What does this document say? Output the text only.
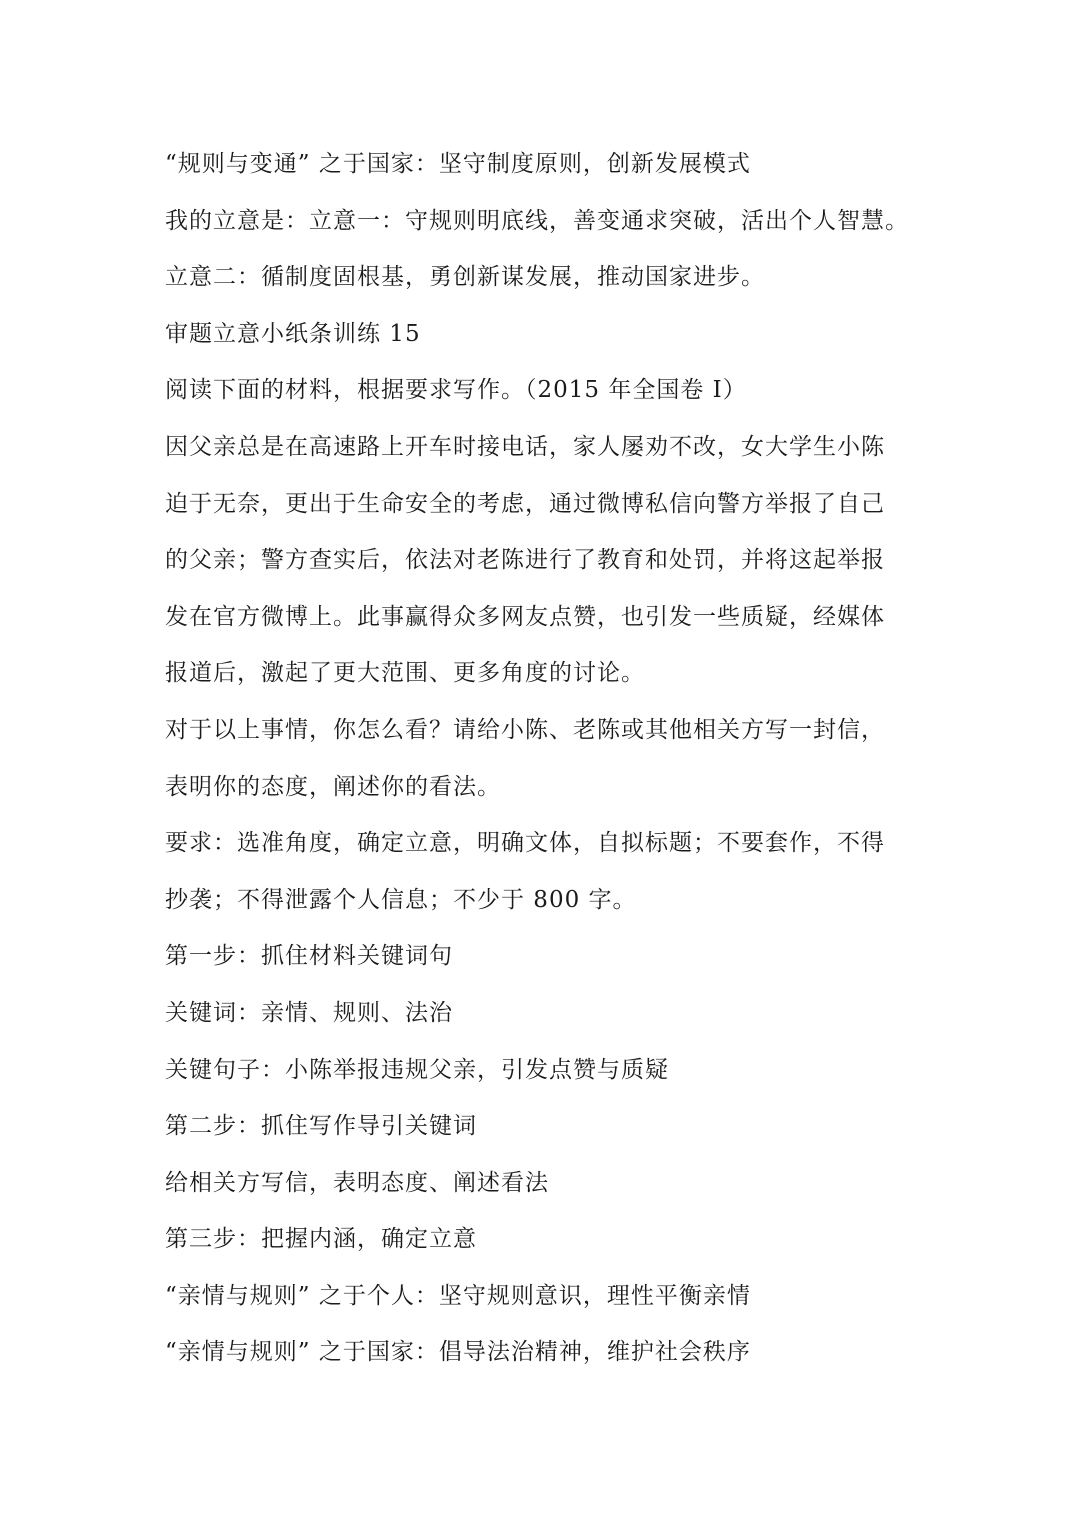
“规则与变通” 之于国家：坚守制度原则，创新发展模式
我的立意是：立意一：守规则明底线，善变通求突破，活出个人智慧。
立意二：循制度固根基，勇创新谋发展，推动国家进步。
审题立意小纸条训练 15
阅读下面的材料，根据要求写作。（2015 年全国卷 Ⅰ）
因父亲总是在高速路上开车时接电话，家人屡劝不改，女大学生小陈
迫于无奈，更出于生命安全的考虑，通过微博私信向警方举报了自己
的父亲；警方查实后，依法对老陈进行了教育和处罚，并将这起举报
发在官方微博上。此事赢得众多网友点赞，也引发一些质疑，经媒体
报道后，激起了更大范围、更多角度的讨论。
对于以上事情，你怎么看？请给小陈、老陈或其他相关方写一封信，
表明你的态度，阐述你的看法。
要求：选准角度，确定立意，明确文体，自拟标题；不要套作，不得
抄袭；不得泄露个人信息；不少于 800 字。
第一步：抓住材料关键词句
关键词：亲情、规则、法治
关键句子：小陈举报违规父亲，引发点赞与质疑
第二步：抓住写作导引关键词
给相关方写信，表明态度、阐述看法
第三步：把握内涵，确定立意
“亲情与规则” 之于个人：坚守规则意识，理性平衡亲情
“亲情与规则” 之于国家：倡导法治精神，维护社会秩序
